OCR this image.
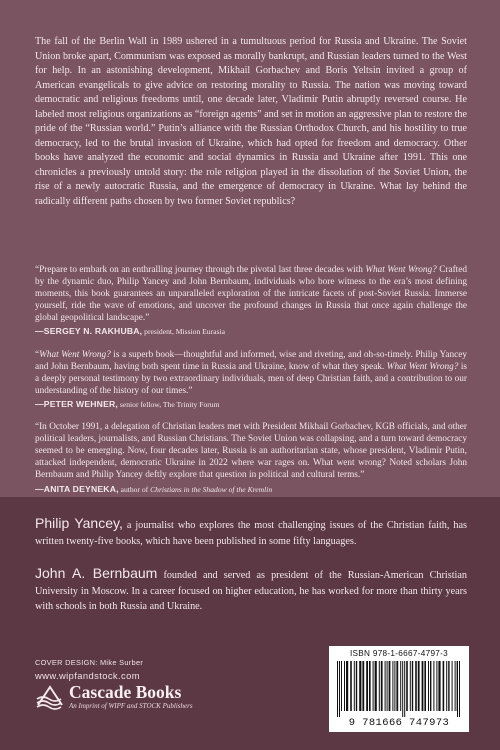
The fall of the Berlin Wall in 1989 ushered in a tumultuous period for Russia and Ukraine. The Soviet Union broke apart, Communism was exposed as morally bankrupt, and Russian leaders turned to the West for help. In an astonishing development, Mikhail Gorbachev and Boris Yeltsin invited a group of American evangelicals to give advice on restoring morality to Russia. The nation was moving toward democratic and religious freedoms until, one decade later, Vladimir Putin abruptly reversed course. He labeled most religious organizations as “foreign agents” and set in motion an aggressive plan to restore the pride of the “Russian world.” Putin’s alliance with the Russian Orthodox Church, and his hostility to true democracy, led to the brutal invasion of Ukraine, which had opted for freedom and democracy. Other books have analyzed the economic and social dynamics in Russia and Ukraine after 1991. This one chronicles a previously untold story: the role religion played in the dissolution of the Soviet Union, the rise of a newly autocratic Russia, and the emergence of democracy in Ukraine. What lay behind the radically different paths chosen by two former Soviet republics?

“Prepare to embark on an enthralling journey through the pivotal last three decades with What Went Wrong? Crafted by the dynamic duo, Philip Yancey and John Bernbaum, individuals who bore witness to the era’s most defining moments, this book guarantees an unparalleled exploration of the intricate facets of post-Soviet Russia. Immerse yourself, ride the wave of emotions, and uncover the profound changes in Russia that once again challenge the global geopolitical landscape.”

—SERGEY N. RAKHUBA, president, Mission Eurasia

“What Went Wrong? is a superb book—thoughtful and informed, wise and riveting, and oh-so-timely. Philip Yancey and John Bernbaum, having both spent time in Russia and Ukraine, know of what they speak. What Went Wrong? is a deeply personal testimony by two extraordinary individuals, men of deep Christian faith, and a contribution to our understanding of the history of our times.”

—PETER WEHNER, senior fellow, The Trinity Forum

“In October 1991, a delegation of Christian leaders met with President Mikhail Gorbachev, KGB officials, and other political leaders, journalists, and Russian Christians. The Soviet Union was collapsing, and a turn toward democracy seemed to be emerging. Now, four decades later, Russia is an authoritarian state, whose president, Vladimir Putin, attacked independent, democratic Ukraine in 2022 where war rages on. What went wrong? Noted scholars John Bernbaum and Philip Yancey deftly explore that question in political and cultural terms.”

—ANITA DEYNEKA, author of Christians in the Shadow of the Kremlin

Philip Yancey, a journalist who explores the most challenging issues of the Christian faith, has written twenty-five books, which have been published in some fifty languages.

John A. Bernbaum founded and served as president of the Russian-American Christian University in Moscow. In a career focused on higher education, he has worked for more than thirty years with schools in both Russia and Ukraine.

COVER DESIGN: Mike Surber
www.wipfandstock.com
Cascade Books
An Imprint of WIPF and STOCK Publishers
ISBN 978-1-6667-4797-3
9 781666 747973
